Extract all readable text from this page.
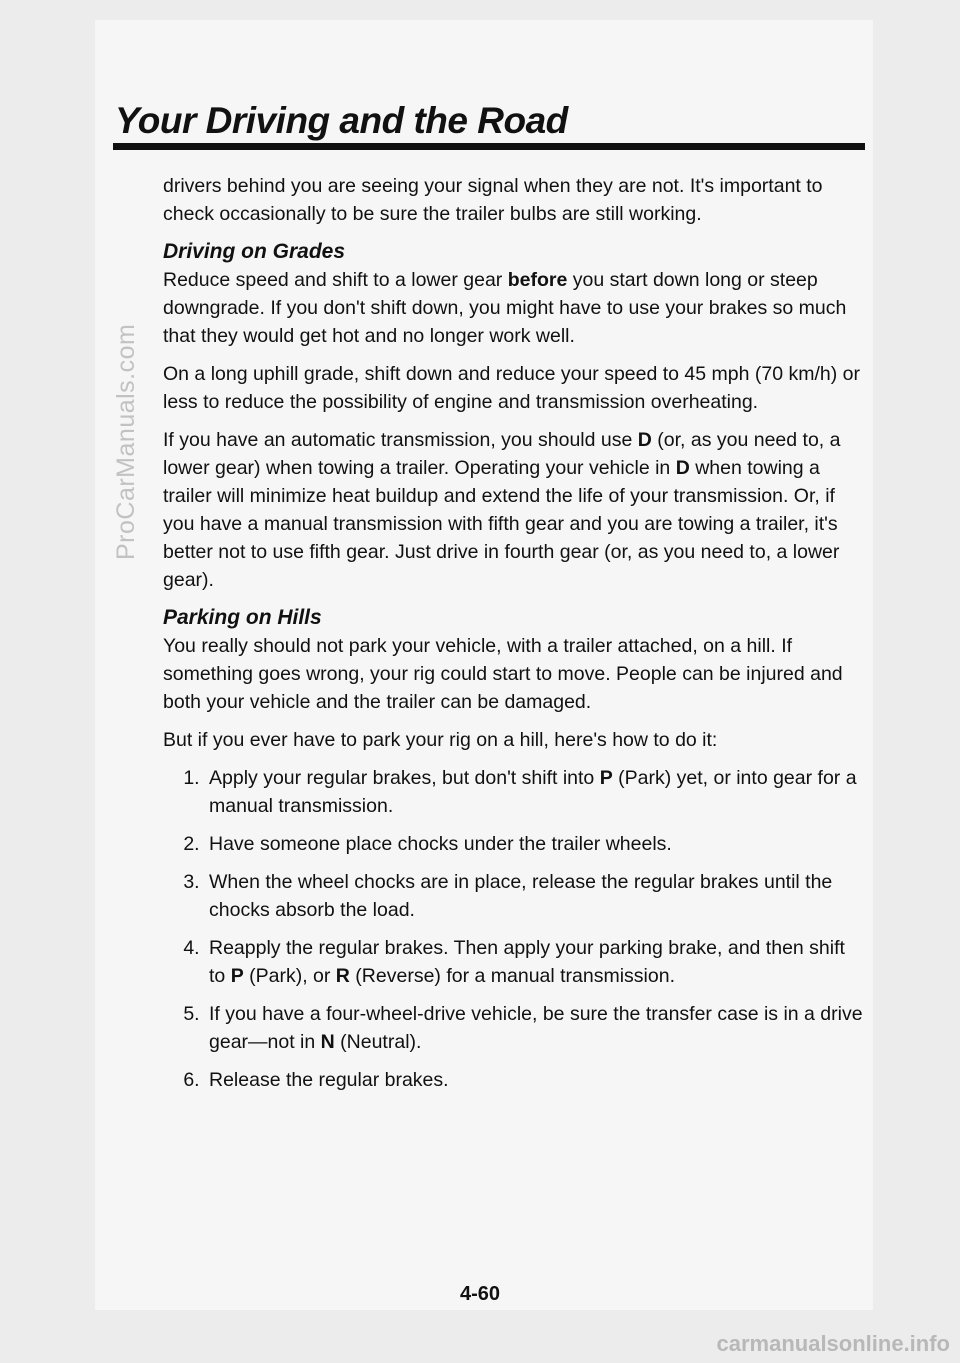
ProCarManuals.com
Your Driving and the Road

drivers behind you are seeing your signal when they are not. It's important to check occasionally to be sure the trailer bulbs are still working.

Driving on Grades

Reduce speed and shift to a lower gear before you start down long or steep downgrade. If you don't shift down, you might have to use your brakes so much that they would get hot and no longer work well.

On a long uphill grade, shift down and reduce your speed to 45 mph (70 km/h) or less to reduce the possibility of engine and transmission overheating.

If you have an automatic transmission, you should use D (or, as you need to, a lower gear) when towing a trailer. Operating your vehicle in D when towing a trailer will minimize heat buildup and extend the life of your transmission. Or, if you have a manual transmission with fifth gear and you are towing a trailer, it's better not to use fifth gear. Just drive in fourth gear (or, as you need to, a lower gear).

Parking on Hills

You really should not park your vehicle, with a trailer attached, on a hill. If something goes wrong, your rig could start to move. People can be injured and both your vehicle and the trailer can be damaged.

But if you ever have to park your rig on a hill, here's how to do it:

1. Apply your regular brakes, but don't shift into P (Park) yet, or into gear for a manual transmission.
2. Have someone place chocks under the trailer wheels.
3. When the wheel chocks are in place, release the regular brakes until the chocks absorb the load.
4. Reapply the regular brakes. Then apply your parking brake, and then shift to P (Park), or R (Reverse) for a manual transmission.
5. If you have a four-wheel-drive vehicle, be sure the transfer case is in a drive gear—not in N (Neutral).
6. Release the regular brakes.
4-60
carmanualsonline.info
